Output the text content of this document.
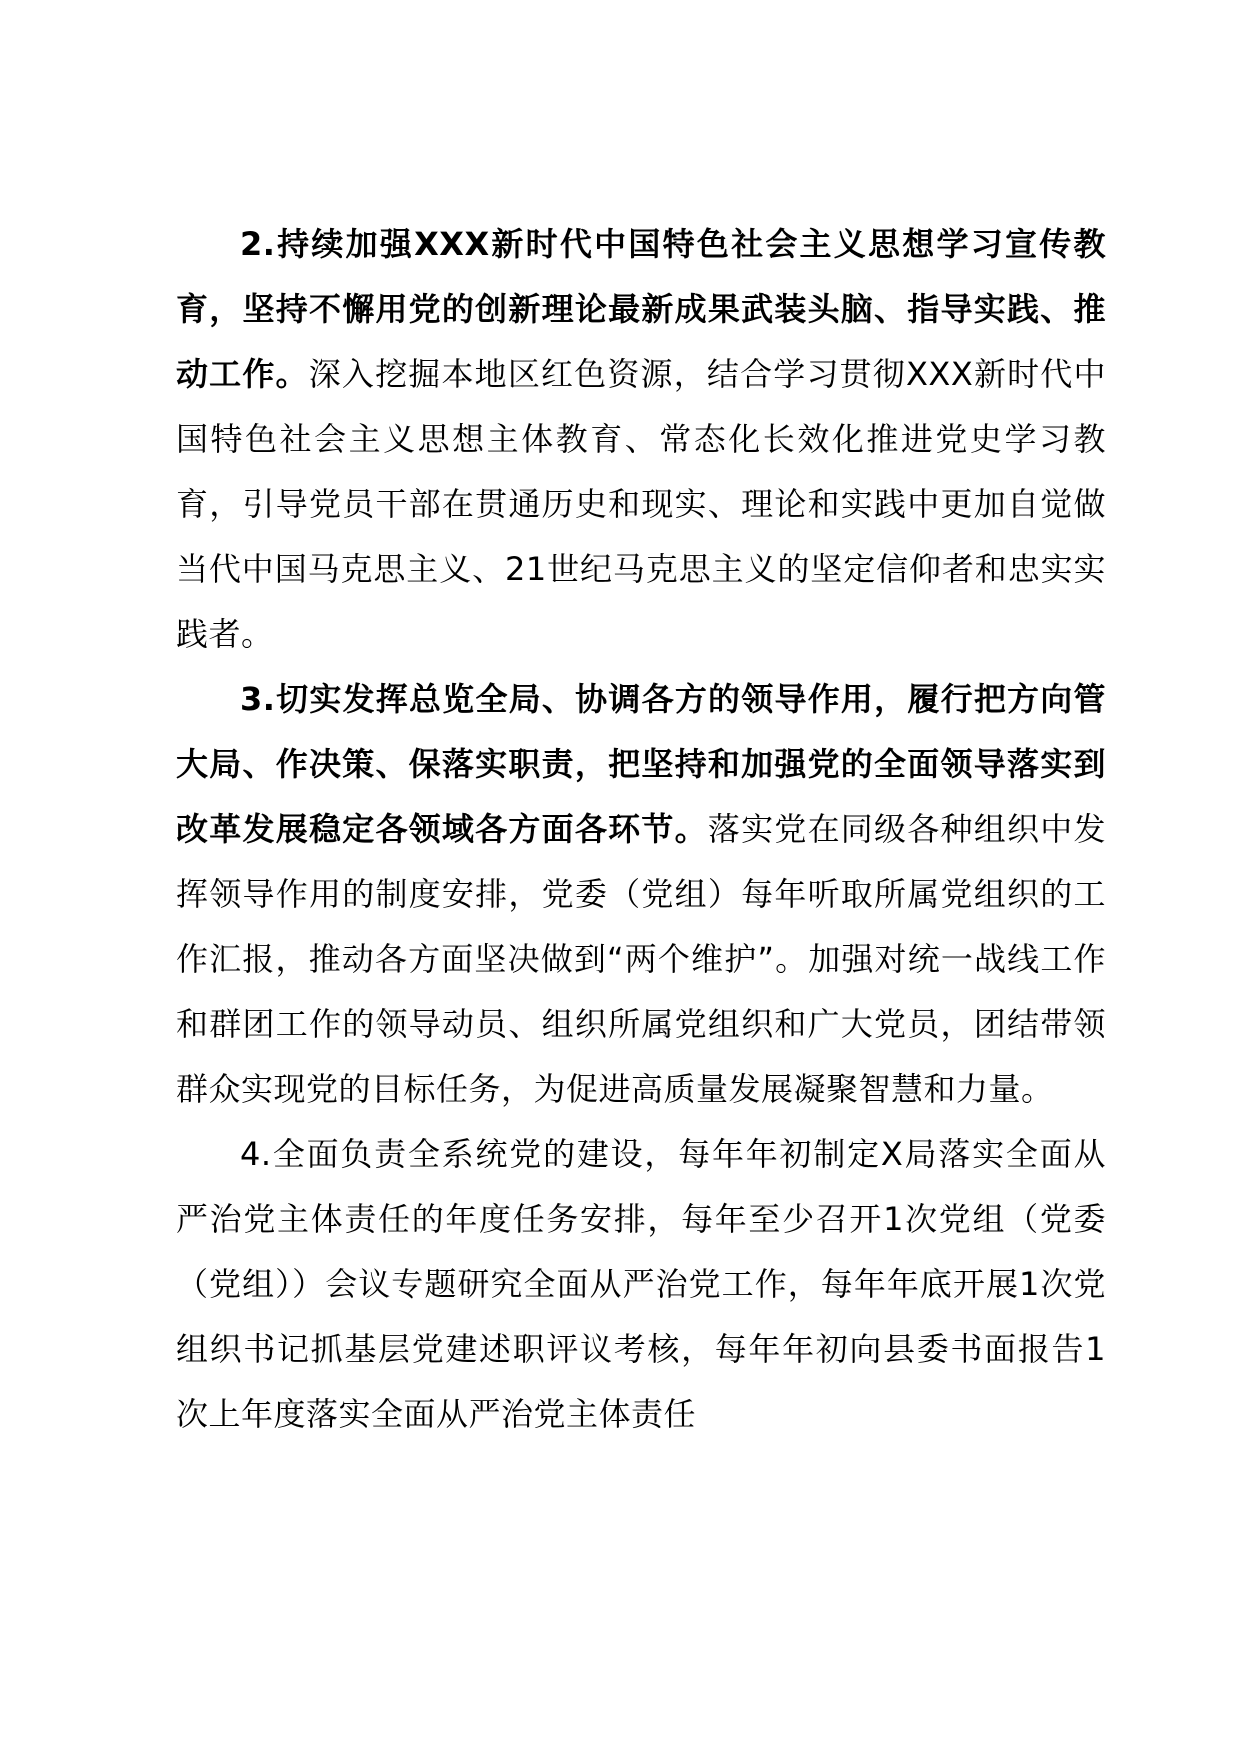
2.持续加强XXX新时代中国特色社会主义思想学习宣传教育，坚持不懈用党的创新理论最新成果武装头脑、指导实践、推动工作。深入挖掘本地区红色资源，结合学习贯彻XXX新时代中国特色社会主义思想主体教育、常态化长效化推进党史学习教育，引导党员干部在贯通历史和现实、理论和实践中更加自觉做当代中国马克思主义、21世纪马克思主义的坚定信仰者和忠实实践者。

3.切实发挥总览全局、协调各方的领导作用，履行把方向管大局、作决策、保落实职责，把坚持和加强党的全面领导落实到改革发展稳定各领域各方面各环节。落实党在同级各种组织中发挥领导作用的制度安排，党委（党组）每年听取所属党组织的工作汇报，推动各方面坚决做到“两个维护”。加强对统一战线工作和群团工作的领导动员、组织所属党组织和广大党员，团结带领群众实现党的目标任务，为促进高质量发展凝聚智慧和力量。

4.全面负责全系统党的建设，每年年初制定X局落实全面从严治党主体责任的年度任务安排，每年至少召开1次党组（党委（党组））会议专题研究全面从严治党工作，每年年底开展1次党组织书记抓基层党建述职评议考核，每年年初向县委书面报告1次上年度落实全面从严治党主体责任
